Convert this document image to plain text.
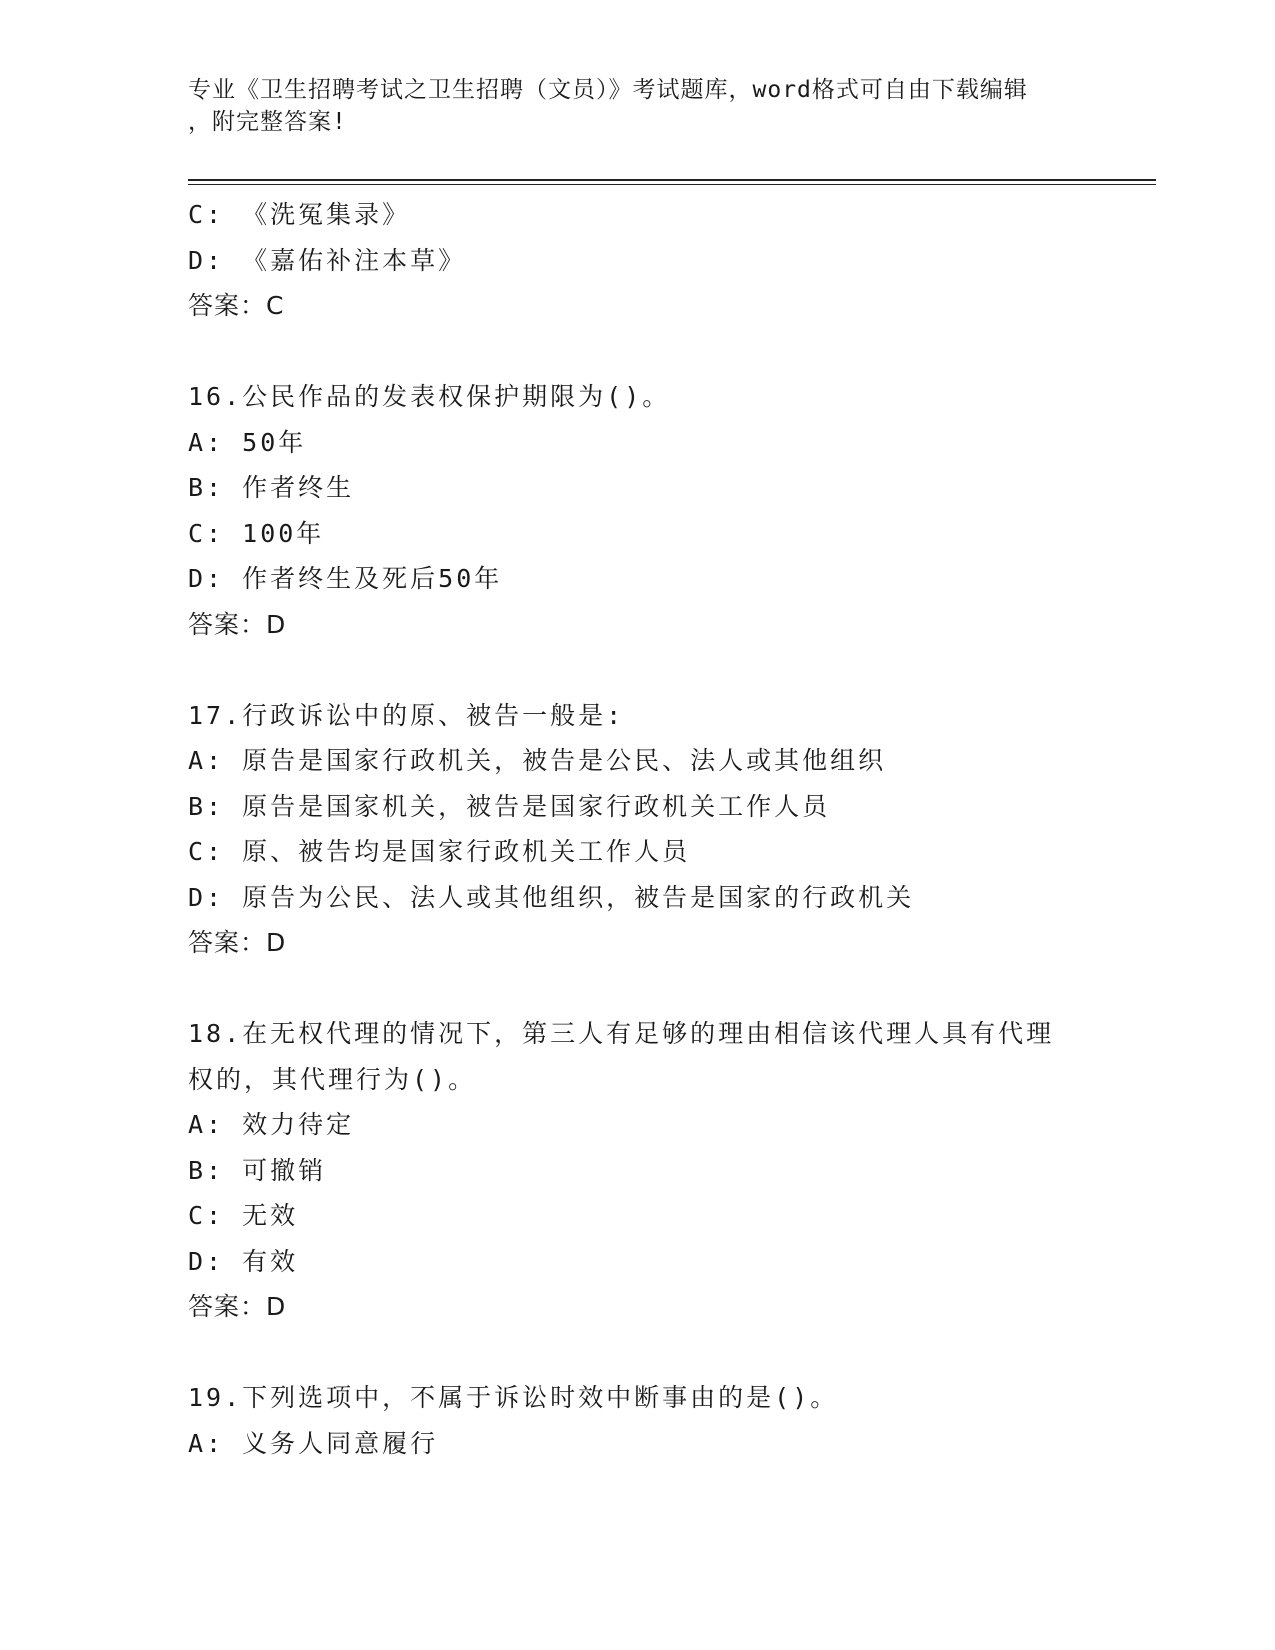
专业《卫生招聘考试之卫生招聘（文员）》考试题库，word格式可自由下载编辑
，附完整答案!
C: 《洗冤集录》
D: 《嘉佑补注本草》
答案：C
16.公民作品的发表权保护期限为()。
A: 50年
B: 作者终生
C: 100年
D: 作者终生及死后50年
答案：D
17.行政诉讼中的原、被告一般是:
A: 原告是国家行政机关，被告是公民、法人或其他组织
B: 原告是国家机关，被告是国家行政机关工作人员
C: 原、被告均是国家行政机关工作人员
D: 原告为公民、法人或其他组织，被告是国家的行政机关
答案：D
18.在无权代理的情况下，第三人有足够的理由相信该代理人具有代理
权的，其代理行为()。
A: 效力待定
B: 可撤销
C: 无效
D: 有效
答案：D
19.下列选项中，不属于诉讼时效中断事由的是()。
A: 义务人同意履行
